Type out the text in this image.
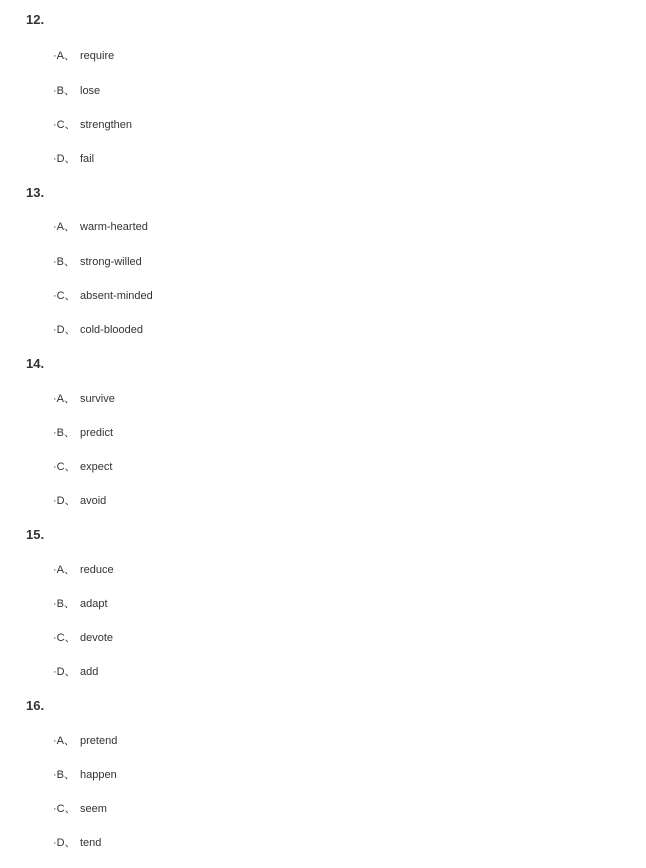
12.
·A、 require
·B、 lose
·C、 strengthen
·D、 fail
13.
·A、 warm-hearted
·B、 strong-willed
·C、 absent-minded
·D、 cold-blooded
14.
·A、 survive
·B、 predict
·C、 expect
·D、 avoid
15.
·A、 reduce
·B、 adapt
·C、 devote
·D、 add
16.
·A、 pretend
·B、 happen
·C、 seem
·D、 tend
